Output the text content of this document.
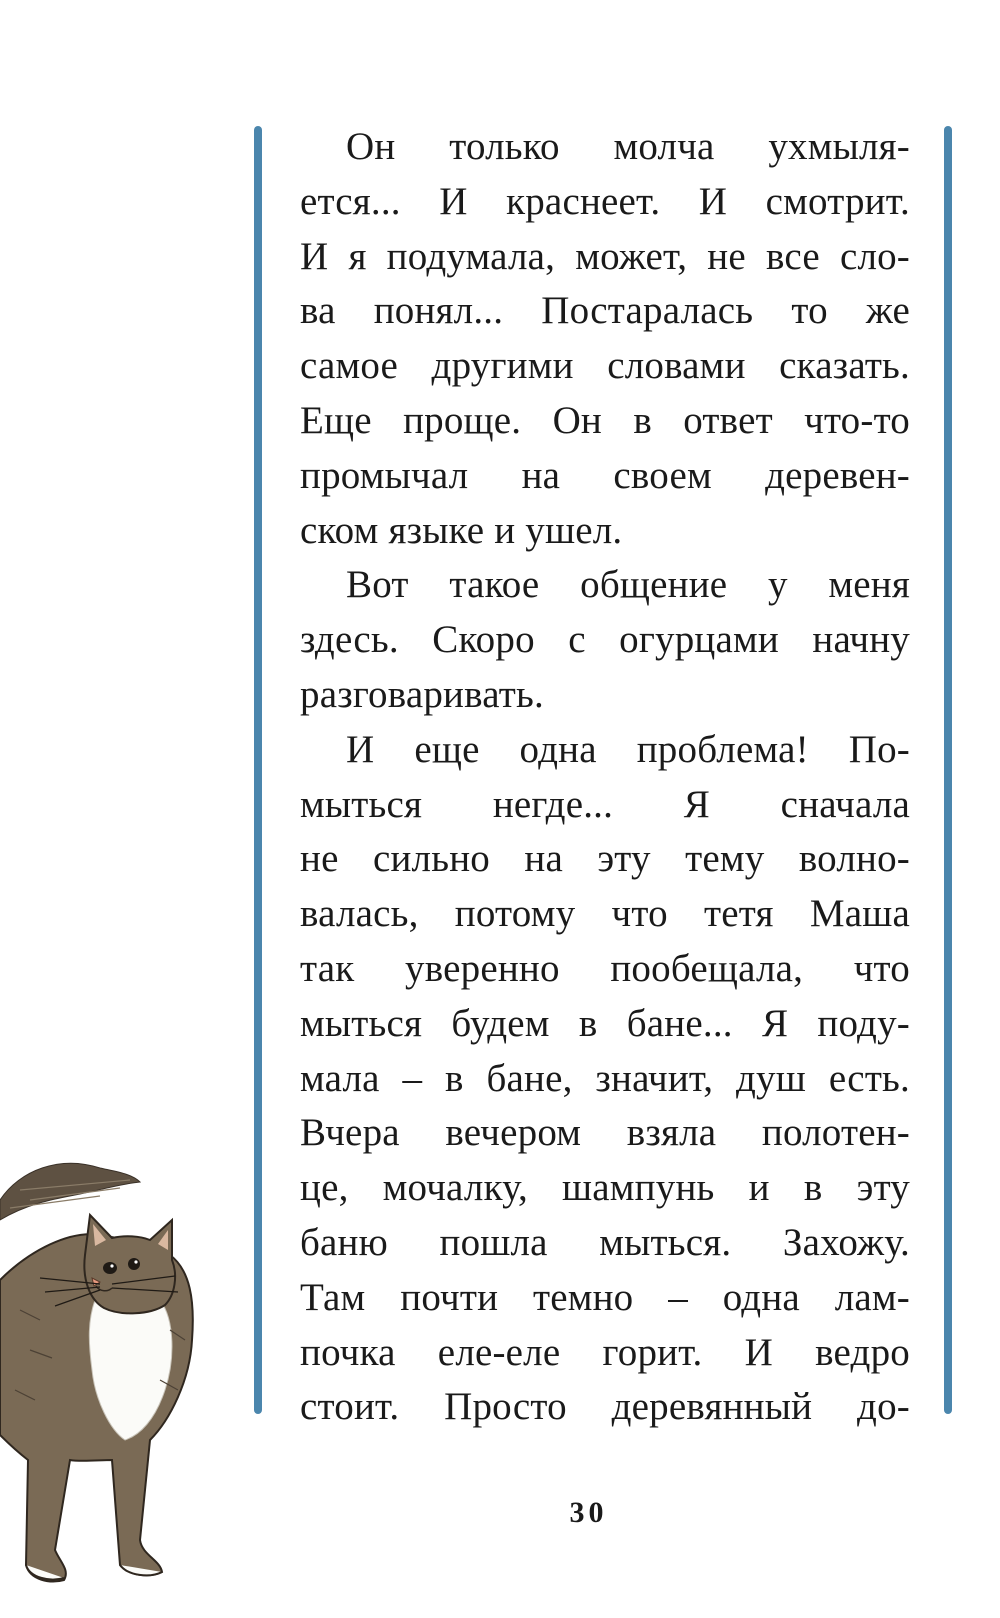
Он только молча ухмыля-

ется... И краснеет. И смотрит.

И я подумала, может, не все сло-

ва понял... Постаралась то же

самое другими словами сказать.

Еще проще. Он в ответ что-то

промычал на своем деревен-

ском языке и ушел.

Вот такое общение у меня

здесь. Скоро с огурцами начну

разговаривать.

И еще одна проблема! По-

мыться негде... Я сначала

не сильно на эту тему волно-

валась, потому что тетя Маша

так уверенно пообещала, что

мыться будем в бане... Я поду-

мала – в бане, значит, душ есть.

Вчера вечером взяла полотен-

це, мочалку, шампунь и в эту

баню пошла мыться. Захожу.

Там почти темно – одна лам-

почка еле-еле горит. И ведро

стоит. Просто деревянный до-

30
